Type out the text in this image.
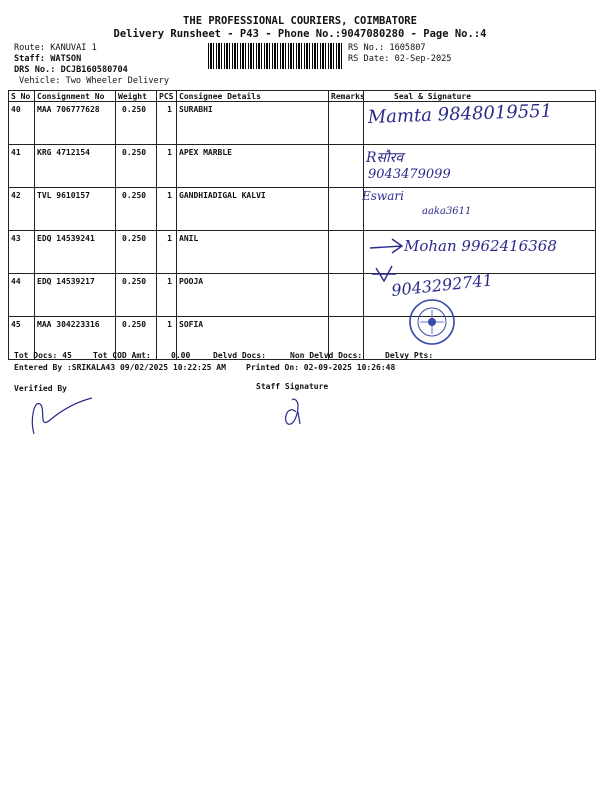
THE PROFESSIONAL COURIERS, COIMBATORE
Delivery Runsheet - P43 - Phone No.:9047080280 - Page No.:4
Route: KANUVAI 1
Staff: WATSON
DRS No.: DCJB160580704
Vehicle: Two Wheeler Delivery
RS No.: 1605807
RS Date: 02-Sep-2025
S No	Consignment No	Weight	PCS	Consignee Details	Remarks	Seal & Signature
40	MAA 706777628	0.250	1	SURABHI		
41	KRG 4712154	0.250	1	APEX MARBLE		
42	TVL 9610157	0.250	1	GANDHIADIGAL KALVI		
43	EDQ 14539241	0.250	1	ANIL		
44	EDQ 14539217	0.250	1	POOJA		
45	MAA 304223316	0.250	1	SOFIA		
Mamta 9848019551
Rसौरव
9043479099
Eswari
aaka3611
Mohan 9962416368
9043292741
Tot Docs: 45	Tot COD Amt:	0.00	Delvd Docs:	Non Delvd Docs:	Delvy Pts:
Entered By :SRIKALA43 09/02/2025 10:22:25 AM	Printed On: 02-09-2025 10:26:48
Verified By	Staff Signature
